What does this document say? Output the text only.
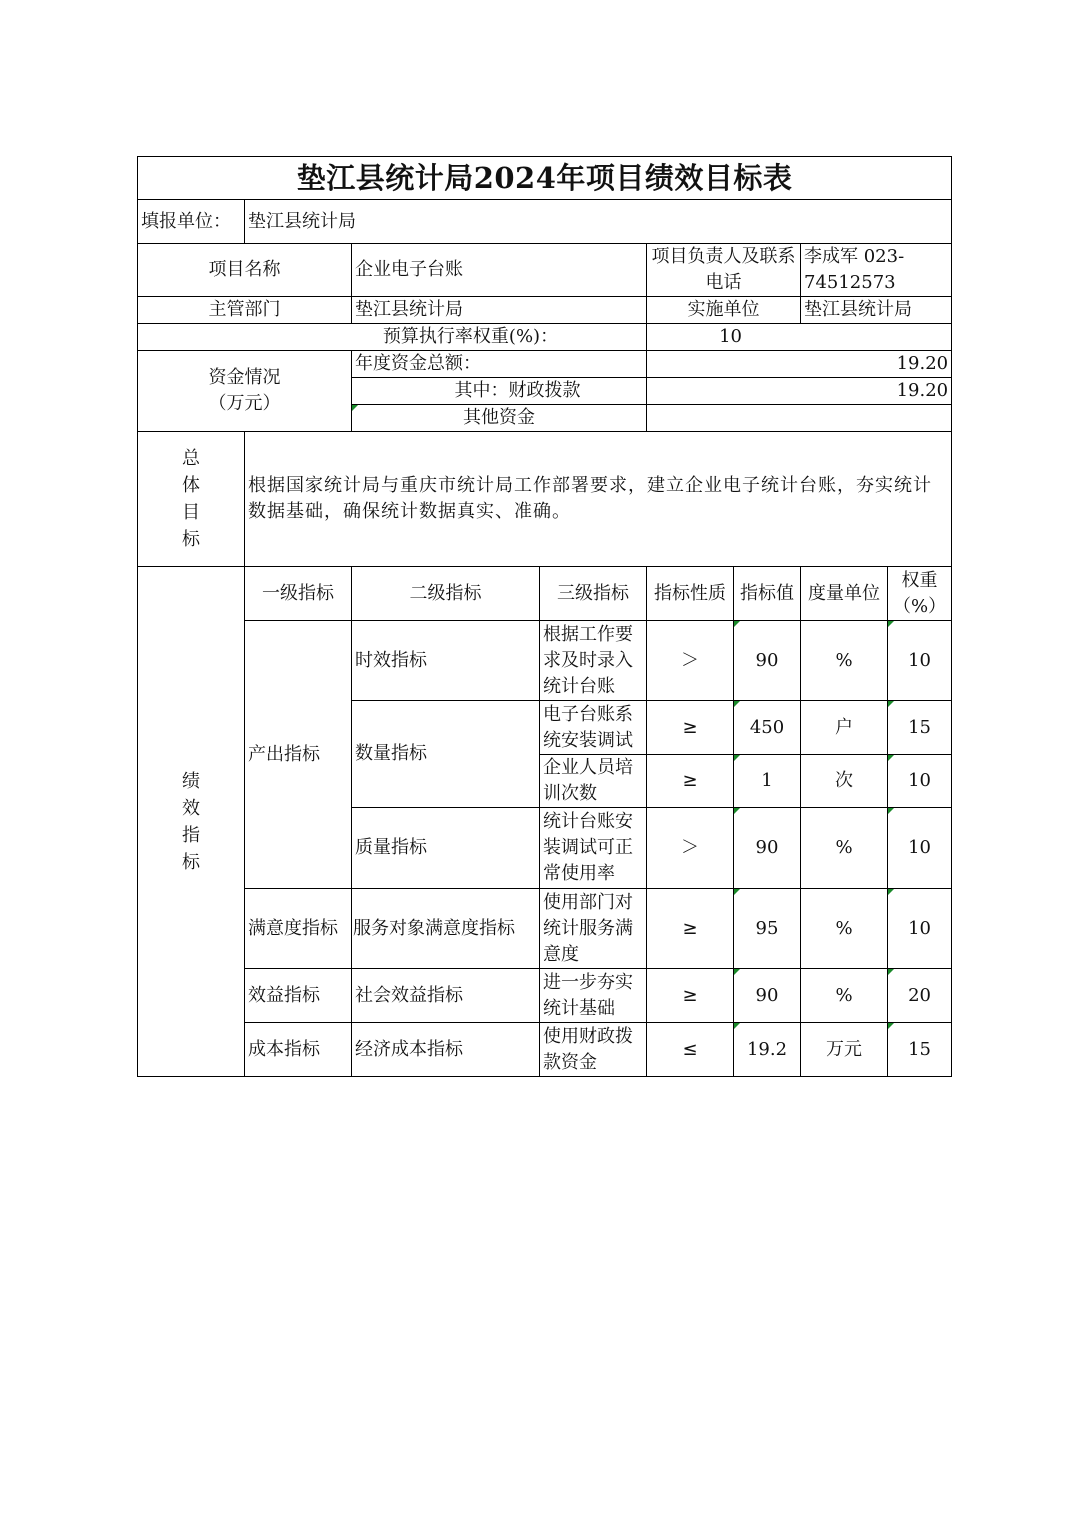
垫江县统计局2024年项目绩效目标表							
填报单位：	垫江县统计局						
项目名称		企业电子台账		项目负责人及联系电话		李成军 023-74512573	
主管部门		垫江县统计局		实施单位		垫江县统计局	
预算执行率权重(%)：				10			

资金情况
（万元）		年度资金总额：		19.20			
		其中：财政拨款		19.20			
		其他资金					

总
体
目
标	根据国家统计局与重庆市统计局工作部署要求，建立企业电子统计台账，夯实统计数据基础，确保统计数据真实、准确。						

绩
效
指
标	一级指标	二级指标	三级指标	指标性质	指标值	度量单位	权重（%）
	产出指标	时效指标	根据工作要求及时录入统计台账	＞	90	%	10
		数量指标	电子台账系统安装调试	≥	450	户	15
			企业人员培训次数	≥	1	次	10
		质量指标	统计台账安装调试可正常使用率	＞	90	%	10
	满意度指标	服务对象满意度指标	使用部门对统计服务满意度	≥	95	%	10
	效益指标	社会效益指标	进一步夯实统计基础	≥	90	%	20
	成本指标	经济成本指标	使用财政拨款资金	≤	19.2	万元	15
